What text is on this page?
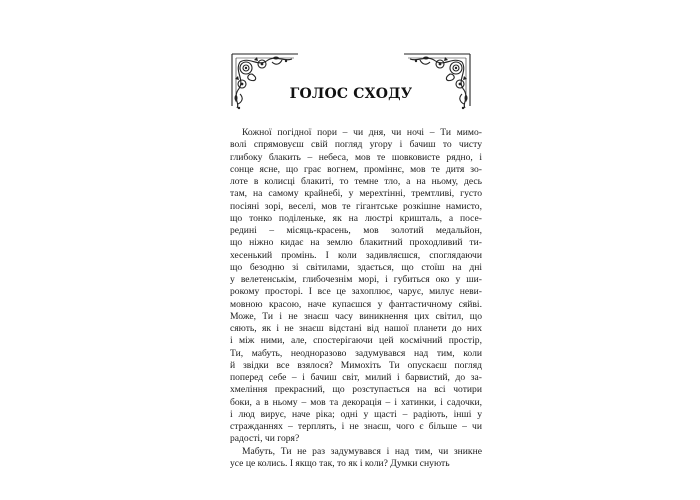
ГОЛОС СХОДУ
Кожної погідної пори – чи дня, чи ночі – Ти мимо-
волі спрямовуєш свій погляд угору і бачиш то чисту
глибоку блакить – небеса, мов те шовковисте рядно, і
сонце ясне, що грає вогнем, проміннє, мов те дитя зо-
лоте в колисці блакиті, то темне тло, а на ньому, десь
там, на самому крайнебі, у мерехтінні, тремтливі, густо
посіяні зорі, веселі, мов те гігантське розкішне намисто,
що тонко поділеньке, як на люстрі кришталь, а посе-
редині – місяць-красень, мов золотий медальйон,
що ніжно кидає на землю блакитний проходливий ти-
хесенький промінь. І коли задивляєшся, споглядаючи
що безодню зі світилами, здається, що стоїш на дні
у велетенськім, глибочезнім морі, і губиться око у ши-
рокому просторі. І все це захоплює, чарує, милує неви-
мовною красою, наче купаєшся у фантастичному сяйві.
Може, Ти і не знаєш часу виникнення цих світил, що
сяють, як і не знаєш відстані від нашої планети до них
і між ними, але, спостерігаючи цей космічний простір,
Ти, мабуть, неодноразово задумувався над тим, коли
й звідки все взялося? Мимохіть Ти опускаєш погляд
поперед себе – і бачиш світ, милий і барвистий, до за-
хмеління прекрасний, що розступається на всі чотири
боки, а в ньому – мов та декорація – і хатинки, і садочки,
і люд вирує, наче ріка; одні у щасті – радіють, інші у
стражданнях – терплять, і не знаєш, чого є більше – чи
радості, чи горя?
Мабуть, Ти не раз задумувався і над тим, чи зникне
усе це колись. І якщо так, то як і коли? Думки снують
